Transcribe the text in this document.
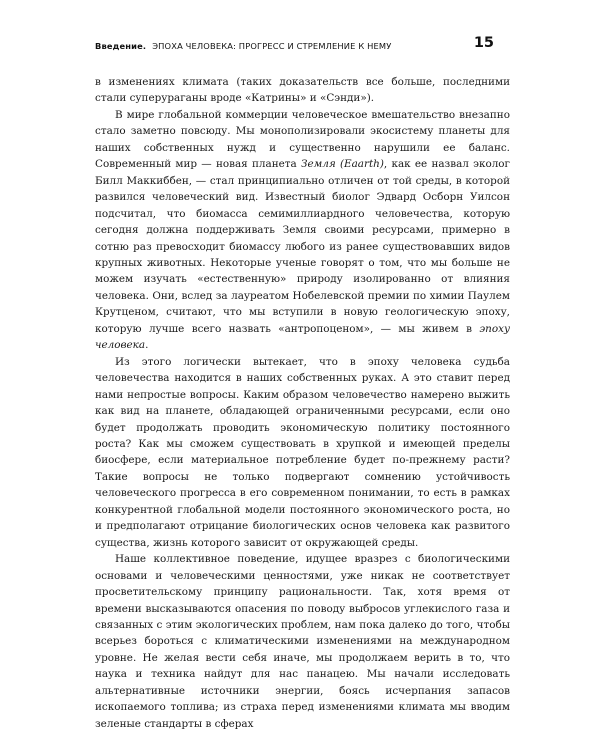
Введение. ЭПОХА ЧЕЛОВЕКА: ПРОГРЕСС И СТРЕМЛЕНИЕ К НЕМУ	15

в изменениях климата (таких доказательств все больше, последними стали суперураганы вроде «Катрины» и «Сэнди»).

В мире глобальной коммерции человеческое вмешательство внезапно стало заметно повсюду. Мы монополизировали экосистему планеты для наших собственных нужд и существенно нарушили ее баланс. Современный мир — новая планета Земля (Eaarth), как ее назвал эколог Билл Маккиббен, — стал принципиально отличен от той среды, в которой развился человеческий вид. Известный биолог Эдвард Осборн Уилсон подсчитал, что биомасса семимиллиардного человечества, которую сегодня должна поддерживать Земля своими ресурсами, примерно в сотню раз превосходит биомассу любого из ранее существовавших видов крупных животных. Некоторые ученые говорят о том, что мы больше не можем изучать «естественную» природу изолированно от влияния человека. Они, вслед за лауреатом Нобелевской премии по химии Паулем Крутценом, считают, что мы вступили в новую геологическую эпоху, которую лучше всего назвать «антропоценом», — мы живем в эпоху человека.

Из этого логически вытекает, что в эпоху человека судьба человечества находится в наших собственных руках. А это ставит перед нами непростые вопросы. Каким образом человечество намерено выжить как вид на планете, обладающей ограниченными ресурсами, если оно будет продолжать проводить экономическую политику постоянного роста? Как мы сможем существовать в хрупкой и имеющей пределы биосфере, если материальное потребление будет по-прежнему расти? Такие вопросы не только подвергают сомнению устойчивость человеческого прогресса в его современном понимании, то есть в рамках конкурентной глобальной модели постоянного экономического роста, но и предполагают отрицание биологических основ человека как развитого существа, жизнь которого зависит от окружающей среды.

Наше коллективное поведение, идущее вразрез с биологическими основами и человеческими ценностями, уже никак не соответствует просветительскому принципу рациональности. Так, хотя время от времени высказываются опасения по поводу выбросов углекислого газа и связанных с этим экологических проблем, нам пока далеко до того, чтобы всерьез бороться с климатическими изменениями на международном уровне. Не желая вести себя иначе, мы продолжаем верить в то, что наука и техника найдут для нас панацею. Мы начали исследовать альтернативные источники энергии, боясь исчерпания запасов ископаемого топлива; из страха перед изменениями климата мы вводим зеленые стандарты в сферах
